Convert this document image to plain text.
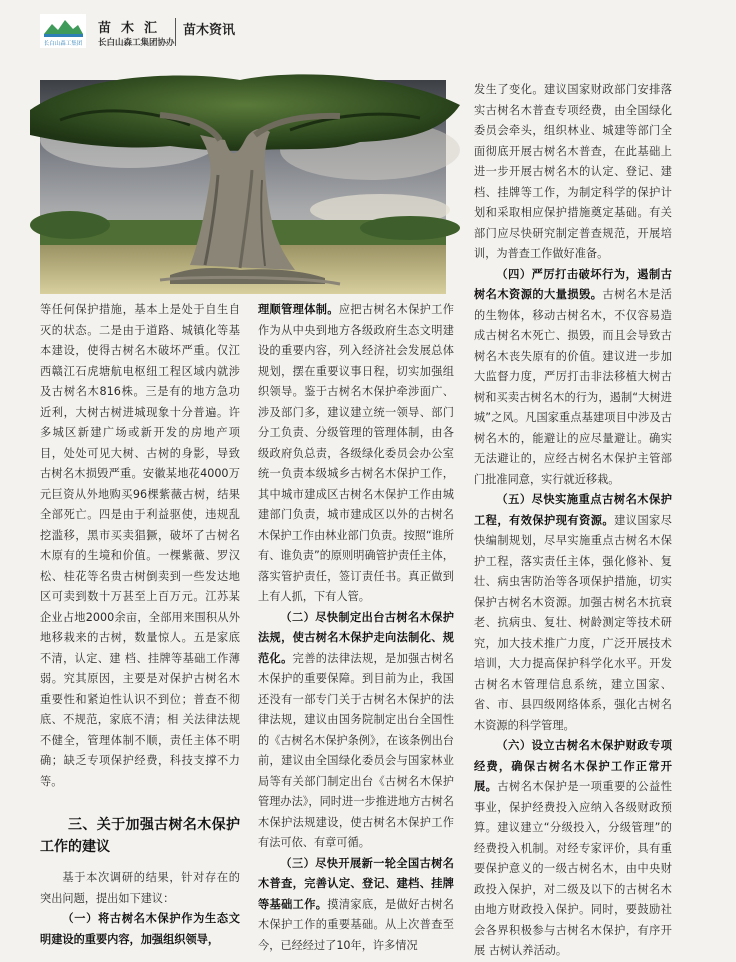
长白山森工集团
苗木汇
长白山森工集团协办
苗木资讯

等任何保护措施，基本上是处于自生自灭的状态。二是由于道路、城镇化等基本建设，使得古树名木破坏严重。仅江西赣江石虎塘航电枢纽工程区域内就涉及古树名木816株。三是有的地方急功近利，大树古树进城现象十分普遍。许多城区新建广场或新开发的房地产项目，处处可见大树、古树的身影，导致古树名木损毁严重。安徽某地花4000万元巨资从外地购买96棵紫薇古树，结果全部死亡。四是由于利益驱使，违规乱挖滥移，黑市买卖猖獗，破坏了古树名木原有的生境和价值。一棵紫薇、罗汉松、桂花等名贵古树倒卖到一些发达地区可卖到数十万甚至上百万元。江苏某企业占地2000余亩，全部用来围积从外地移栽来的古树，数量惊人。五是家底不清，认定、建 档、挂牌等基础工作薄弱。究其原因，主要是对保护古树名木重要性和紧迫性认识不到位；普查不彻底、不规范，家底不清；相 关法律法规不健全，管理体制不顺，责任主体不明确；缺乏专项保护经费，科技支撑不力等。

三、关于加强古树名木保护工作的建议

基于本次调研的结果，针对存在的突出问题，提出如下建议：

（一）将古树名木保护作为生态文明建设的重要内容，加强组织领导，

理顺管理体制。应把古树名木保护工作作为从中央到地方各级政府生态文明建设的重要内容，列入经济社会发展总体规划，摆在重要议事日程，切实加强组织领导。鉴于古树名木保护牵涉面广、涉及部门多，建议建立统一领导、部门分工负责、分级管理的管理体制，由各级政府负总责，各级绿化委员会办公室统一负责本级城乡古树名木保护工作，其中城市建成区古树名木保护工作由城建部门负责，城市建成区以外的古树名木保护工作由林业部门负责。按照“谁所有、谁负责”的原则明确管护责任主体，落实管护责任，签订责任书。真正做到上有人抓，下有人管。

（二）尽快制定出台古树名木保护法规，使古树名木保护走向法制化、规范化。完善的法律法规，是加强古树名木保护的重要保障。到目前为止，我国还没有一部专门关于古树名木保护的法律法规，建议由国务院制定出台全国性的《古树名木保护条例》，在该条例出台前，建议由全国绿化委员会与国家林业局等有关部门制定出台《古树名木保护管理办法》，同时进一步推进地方古树名木保护法规建设，使古树名木保护工作有法可依、有章可循。

（三）尽快开展新一轮全国古树名木普查，完善认定、登记、建档、挂牌等基础工作。摸清家底，是做好古树名木保护工作的重要基础。从上次普查至今，已经经过了10年，许多情况

发生了变化。建议国家财政部门安排落实古树名木普查专项经费，由全国绿化委员会牵头，组织林业、城建等部门全面彻底开展古树名木普查，在此基础上进一步开展古树名木的认定、登记、建档、挂牌等工作，为制定科学的保护计划和采取相应保护措施奠定基础。有关部门应尽快研究制定普查规范，开展培训，为普查工作做好准备。

（四）严厉打击破坏行为，遏制古树名木资源的大量损毁。古树名木是活的生物体，移动古树名木，不仅容易造成古树名木死亡、损毁，而且会导致古树名木丧失原有的价值。建议进一步加大监督力度，严厉打击非法移植大树古树和买卖古树名木的行为，遏制“大树进城”之风。凡国家重点基建项目中涉及古树名木的，能避让的应尽量避让。确实无法避让的，应经古树名木保护主管部门批准同意，实行就近移栽。

（五）尽快实施重点古树名木保护工程，有效保护现有资源。建议国家尽快编制规划，尽早实施重点古树名木保护工程，落实责任主体，强化修补、复壮、病虫害防治等各项保护措施，切实 保护古树名木资源。加强古树名木抗衰老、抗病虫、复壮、树龄测定等技术研究，加大技术推广力度，广泛开展技术培训，大力提高保护科学化水平。开发古树名木管理信息系统，建立国家、省、市、县四级网络体系，强化古树名木资源的科学管理。

（六）设立古树名木保护财政专项经费，确保古树名木保护工作正常开展。古树名木保护是一项重要的公益性事业，保护经费投入应纳入各级财政预算。建议建立“分级投入，分级管理”的经费投入机制。对经专家评价，具有重要保护意义的一级古树名木，由中央财政投入保护，对二级及以下的古树名木由地方财政投入保护。同时，要鼓励社会各界积极参与古树名木保护，有序开展 古树认养活动。
